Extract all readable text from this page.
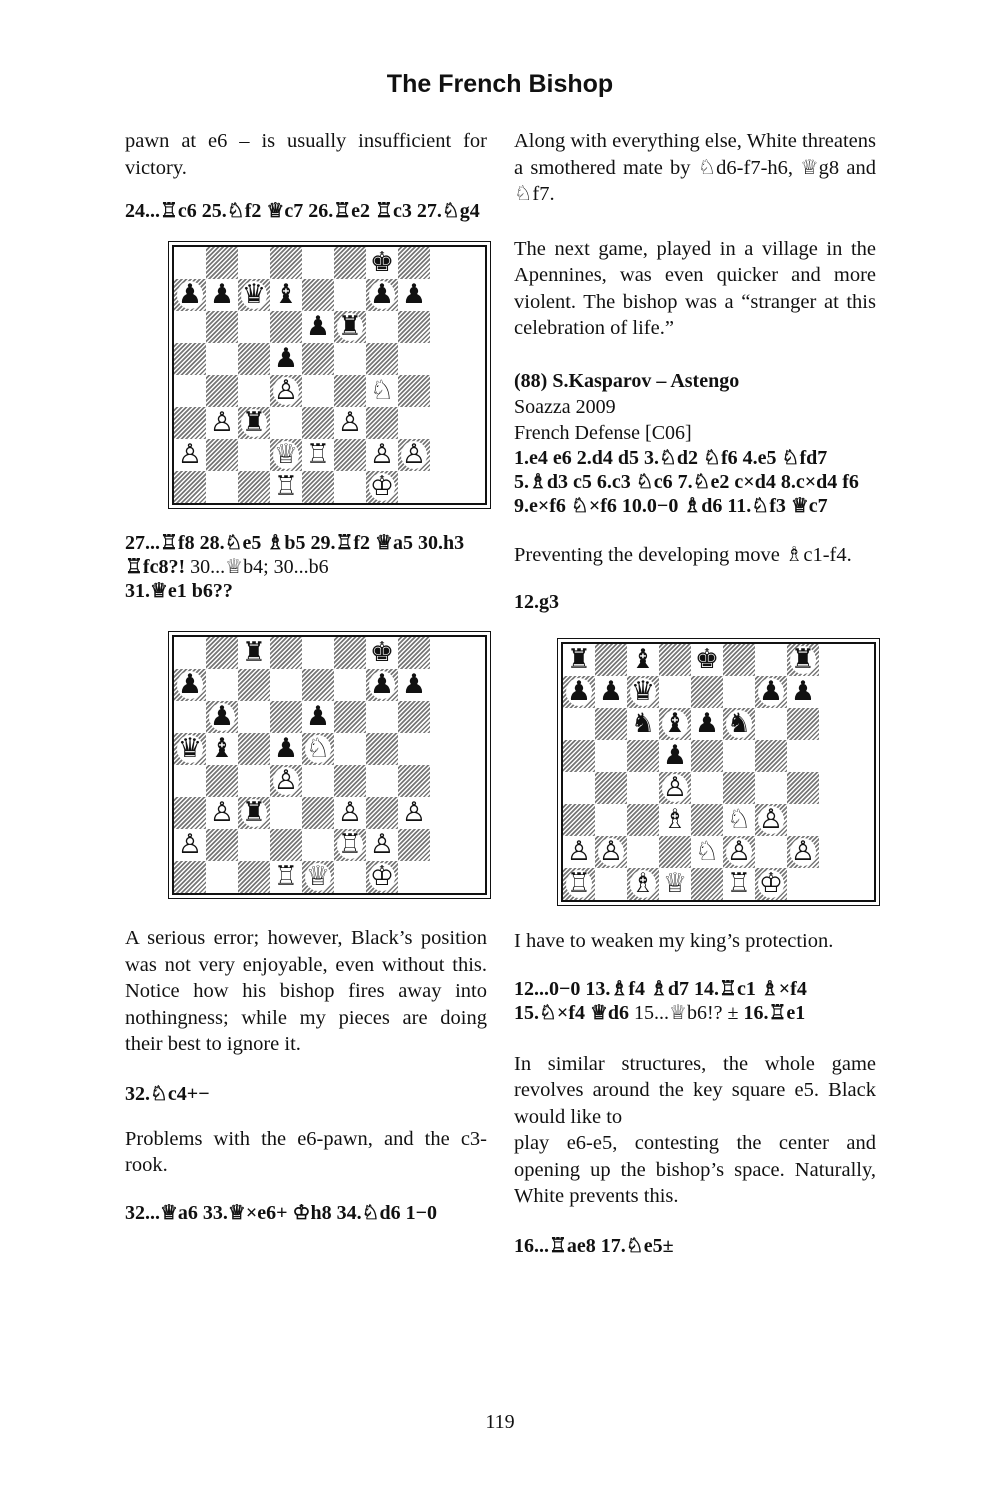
The French Bishop

pawn at e6 – is usually insufficient for victory.

24...♖c6 25.♘f2 ♕c7 26.♖e2 ♖c3 27.♘g4

♚
♟ ♟ ♛ ♝	♟ ♟
♟ ♜
♟
♙	♘
♙ ♜	♙
♙	♕ ♖ ♙ ♙
♖	♔

27...♖f8 28.♘e5 ♗b5 29.♖f2 ♕a5 30.h3 ♖fc8?! 30...♕b4; 30...b6
31.♕e1 b6??

♜	♚
♟	♟ ♟
♟	♟
♛ ♝ ♟ ♘
♙
♙ ♜	♙ ♙
♙	♖ ♙
♖ ♕ ♔

A serious error; however, Black’s position was not very enjoyable, even without this. Notice how his bishop fires away into nothingness; while my pieces are doing their best to ignore it.

32.♘c4+−

Problems with the e6-pawn, and the c3-rook.

32...♕a6 33.♕×e6+ ♔h8 34.♘d6 1−0

Along with everything else, White threatens a smothered mate by ♘d6-f7-h6, ♕g8 and ♘f7.

The next game, played in a village in the Apennines, was even quicker and more violent. The bishop was a “stranger at this celebration of life.”

(88) S.Kasparov – Astengo
Soazza 2009
French Defense [C06]

1.e4 e6 2.d4 d5 3.♘d2 ♘f6 4.e5 ♘fd7 5.♗d3 c5 6.c3 ♘c6 7.♘e2 c×d4 8.c×d4 f6 9.e×f6 ♘×f6 10.0−0 ♗d6 11.♘f3 ♕c7

Preventing the developing move ♗c1-f4.

12.g3

♜ ♝ ♚	♜
♟ ♟ ♛	♟ ♟
♞ ♝ ♟ ♞
♟
♙
♗ ♘ ♙
♙ ♙	♘ ♙ ♙
♖ ♗ ♕ ♖ ♔

I have to weaken my king’s protection.

12...0−0 13.♗f4 ♗d7 14.♖c1 ♗×f4 15.♘×f4 ♕d6 15...♕b6!? ± 16.♖e1

In similar structures, the whole game revolves around the key square e5. Black would like to
play e6-e5, contesting the center and opening up the bishop’s space. Naturally, White prevents this.

16...♖ae8 17.♘e5±

119
